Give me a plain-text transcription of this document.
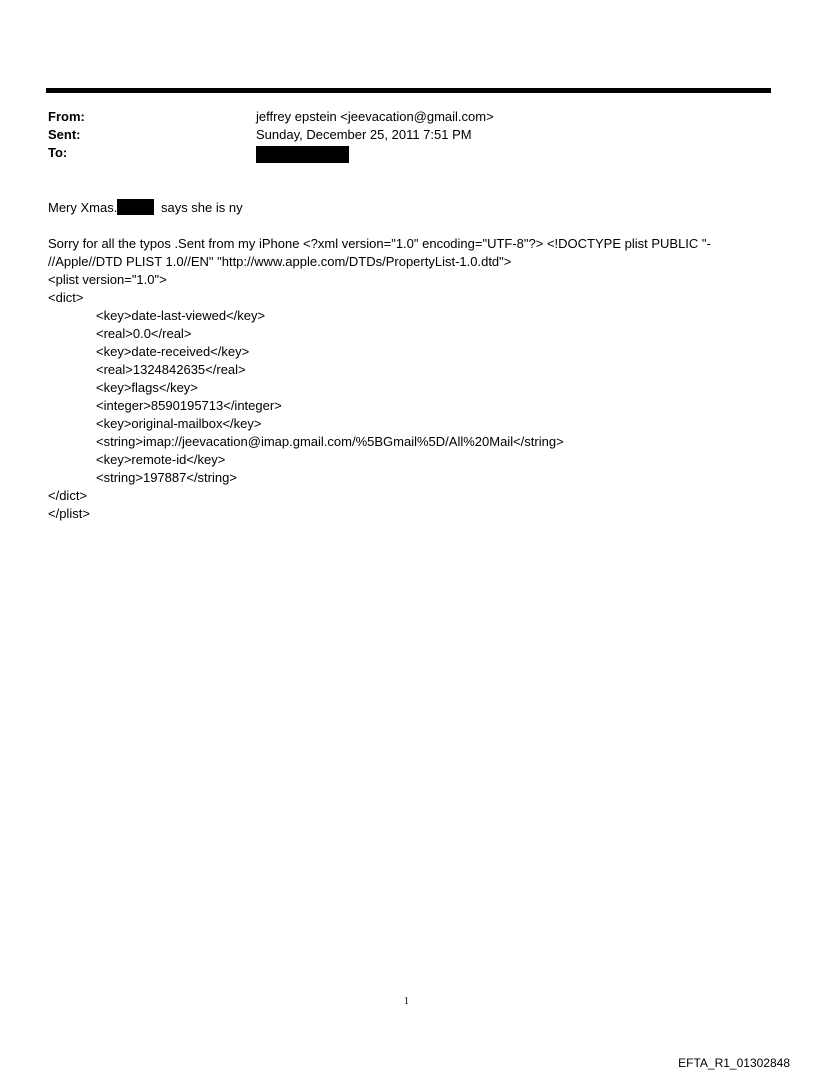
From:	jeffrey epstein <jeevacation@gmail.com>
Sent:	Sunday, December 25, 2011 7:51 PM
To:
Mery Xmas.	says she is ny
Sorry for all the typos .Sent from my iPhone <?xml version="1.0" encoding="UTF-8"?> <!DOCTYPE plist PUBLIC "-
//Apple//DTD PLIST 1.0//EN" "http://www.apple.com/DTDs/PropertyList-1.0.dtd">
<plist version="1.0">
<dict>
<key>date-last-viewed</key>
<real>0.0</real>
<key>date-received</key>
<real>1324842635</real>
<key>flags</key>
<integer>8590195713</integer>
<key>original-mailbox</key>
<string>imap://jeevacation@imap.gmail.com/%5BGmail%5D/All%20Mail</string>
<key>remote-id</key>
<string>197887</string>
</dict>
</plist>
1
EFTA_R1_01302848
